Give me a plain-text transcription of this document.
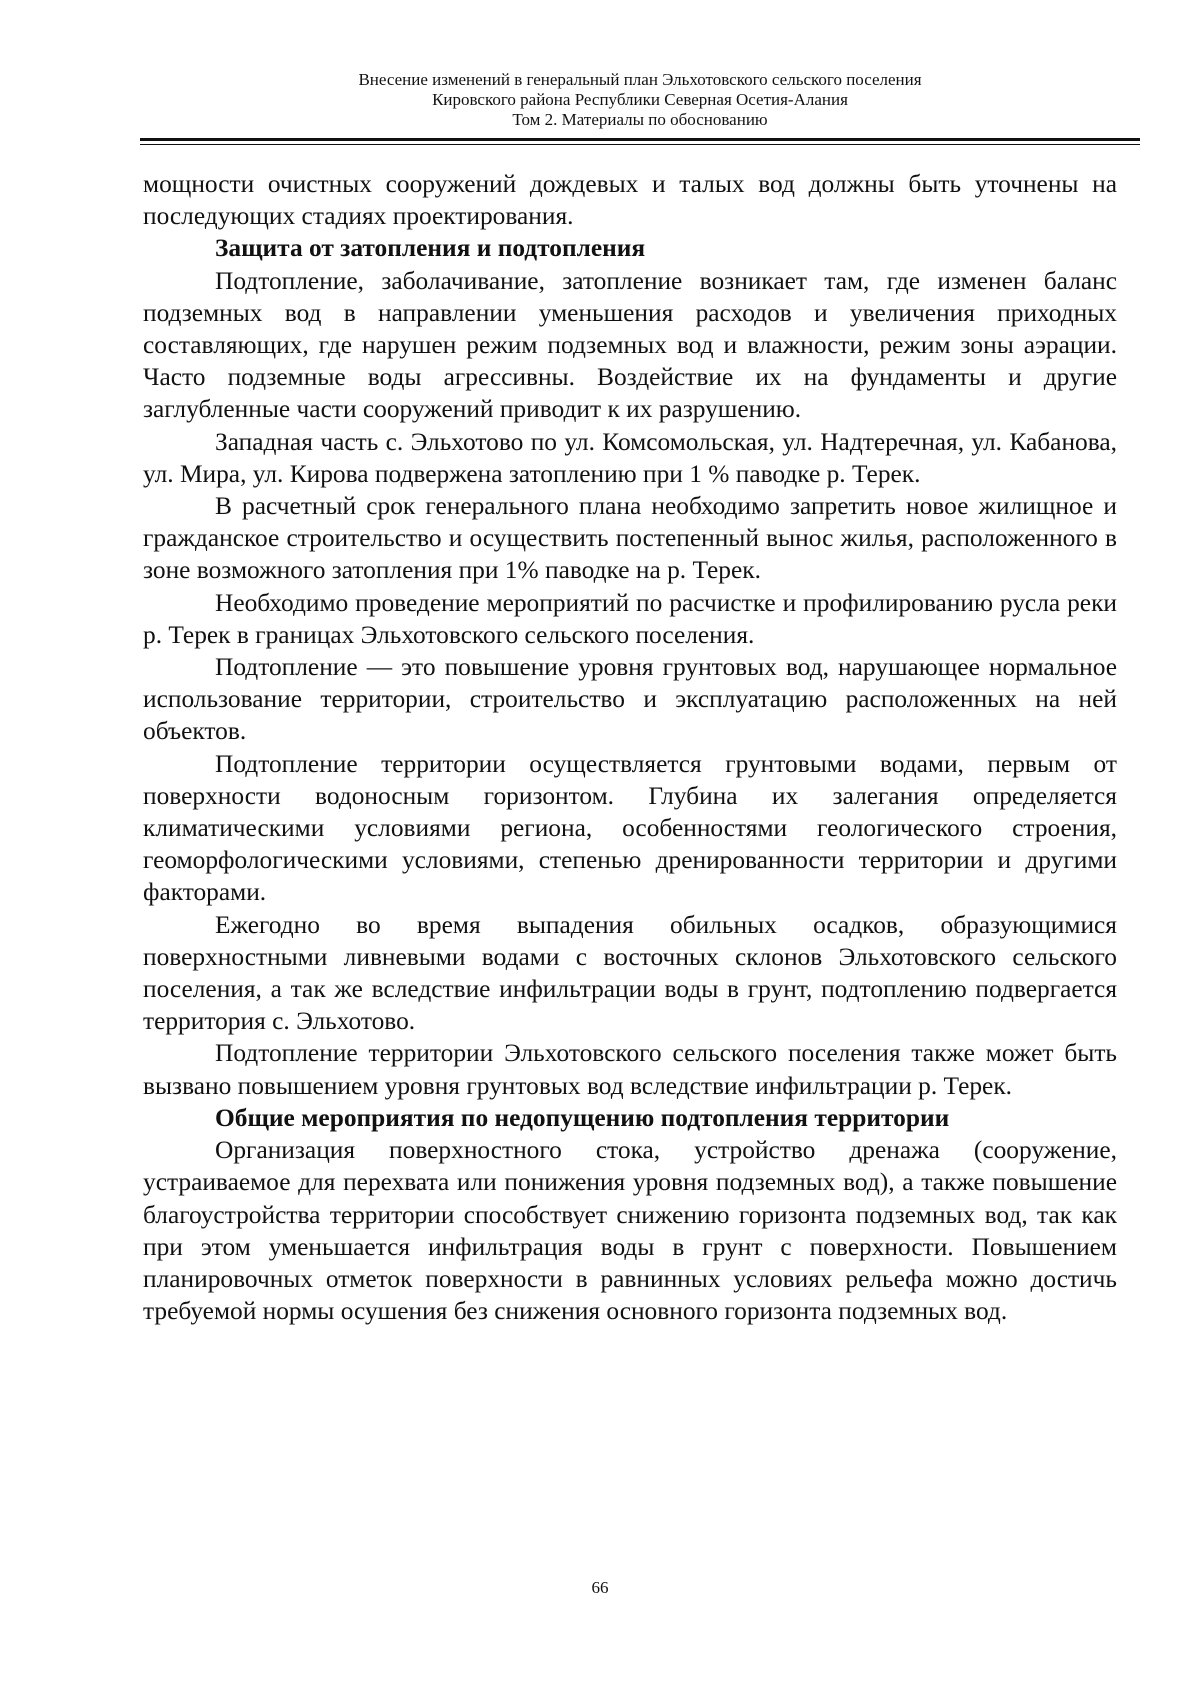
Внесение изменений в генеральный план Эльхотовского сельского поселения
Кировского района Республики Северная Осетия-Алания
Том 2. Материалы по обоснованию

мощности очистных сооружений дождевых и талых вод должны быть уточнены на последующих стадиях проектирования.

Защита от затопления и подтопления

Подтопление, заболачивание, затопление возникает там, где изменен баланс подземных вод в направлении уменьшения расходов и увеличения приходных составляющих, где нарушен режим подземных вод и влажности, режим зоны аэрации. Часто подземные воды агрессивны. Воздействие их на фундаменты и другие заглубленные части сооружений приводит к их разрушению.

Западная часть с. Эльхотово по ул. Комсомольская, ул. Надтеречная, ул. Кабанова, ул. Мира, ул. Кирова подвержена затоплению при 1 % паводке р. Терек.

В расчетный срок генерального плана необходимо запретить новое жилищное и гражданское строительство и осуществить постепенный вынос жилья, расположенного в зоне возможного затопления при 1% паводке на р. Терек.

Необходимо проведение мероприятий по расчистке и профилированию русла реки р. Терек в границах Эльхотовского сельского поселения.

Подтопление — это повышение уровня грунтовых вод, нарушающее нормальное использование территории, строительство и эксплуатацию расположенных на ней объектов.

Подтопление территории осуществляется грунтовыми водами, первым от поверхности водоносным горизонтом. Глубина их залегания определяется климатическими условиями региона, особенностями геологического строения, геоморфологическими условиями, степенью дренированности территории и другими факторами.

Ежегодно во время выпадения обильных осадков, образующимися поверхностными ливневыми водами с восточных склонов Эльхотовского сельского поселения, а так же вследствие инфильтрации воды в грунт, подтоплению подвергается территория с. Эльхотово.

Подтопление территории Эльхотовского сельского поселения также может быть вызвано повышением уровня грунтовых вод вследствие инфильтрации р. Терек.

Общие мероприятия по недопущению подтопления территории

Организация поверхностного стока, устройство дренажа (сооружение, устраиваемое для перехвата или понижения уровня подземных вод), а также повышение благоустройства территории способствует снижению горизонта подземных вод, так как при этом уменьшается инфильтрация воды в грунт с поверхности. Повышением планировочных отметок поверхности в равнинных условиях рельефа можно достичь требуемой нормы осушения без снижения основного горизонта подземных вод.

66
